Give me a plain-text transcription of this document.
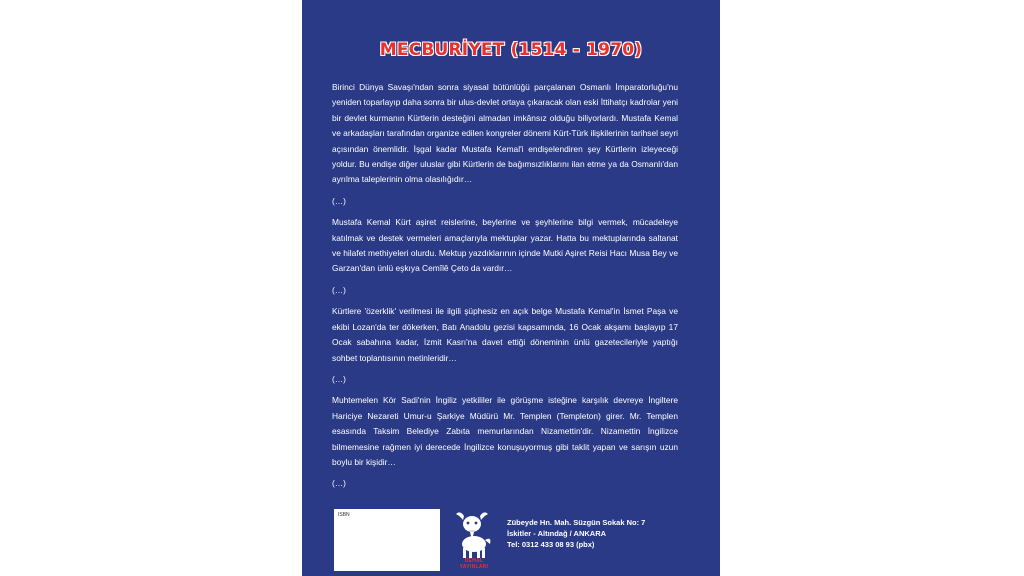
MECBURİYET (1514 - 1970)

Birinci Dünya Savaşı'ndan sonra siyasal bütünlüğü parçalanan Osmanlı İmparatorluğu'nu yeniden toparlayıp daha sonra bir ulus-devlet ortaya çıkaracak olan eski İttihatçı kadrolar yeni bir devlet kurmanın Kürtlerin desteğini almadan imkânsız olduğu biliyorlardı. Mustafa Kemal ve arkadaşları tarafından organize edilen kongreler dönemi Kürt-Türk ilişkilerinin tarihsel seyri açısından önemlidir. İşgal kadar Mustafa Kemal'i endişelendiren şey Kürtlerin izleyeceği yoldur. Bu endişe diğer uluslar gibi Kürtlerin de bağımsızlıklarını ilan etme ya da Osmanlı'dan ayrılma taleplerinin olma olasılığıdır…

(…)

Mustafa Kemal Kürt aşiret reislerine, beylerine ve şeyhlerine bilgi vermek, mücadeleye katılmak ve destek vermeleri amaçlarıyla mektuplar yazar. Hatta bu mektuplarında saltanat ve hilafet methiyeleri olurdu. Mektup yazdıklarının içinde Mutki Aşiret Reisi Hacı Musa Bey ve Garzan'dan ünlü eşkıya Cemîlê Çeto da vardır…

(…)

Kürtlere 'özerklik' verilmesi ile ilgili şüphesiz en açık belge Mustafa Kemal'in İsmet Paşa ve ekibi Lozan'da ter dökerken, Batı Anadolu gezisi kapsamında, 16 Ocak akşamı başlayıp 17 Ocak sabahına kadar, İzmit Kasrı'na davet ettiği döneminin ünlü gazetecileriyle yaptığı sohbet toplantısının metinleridir…

(…)

Muhtemelen Kör Sadi'nin İngiliz yetkililer ile görüşme isteğine karşılık devreye İngiltere Hariciye Nezareti Umur-u Şarkiye Müdürü Mr. Templen (Templeton) girer. Mr. Templen esasında Taksim Belediye Zabıta memurlarından Nizamettin'dir. Nizamettin İngilizce bilmemesine rağmen iyi derecede İngilizce konuşuyormuş gibi taklit yapan ve sarışın uzun boylu bir kişidir…

(…)

ISBN
DEHAL YAYINLARI
Zübeyde Hn. Mah. Süzgün Sokak No: 7
İskitler - Altındağ / ANKARA
Tel: 0312 433 08 93 (pbx)
